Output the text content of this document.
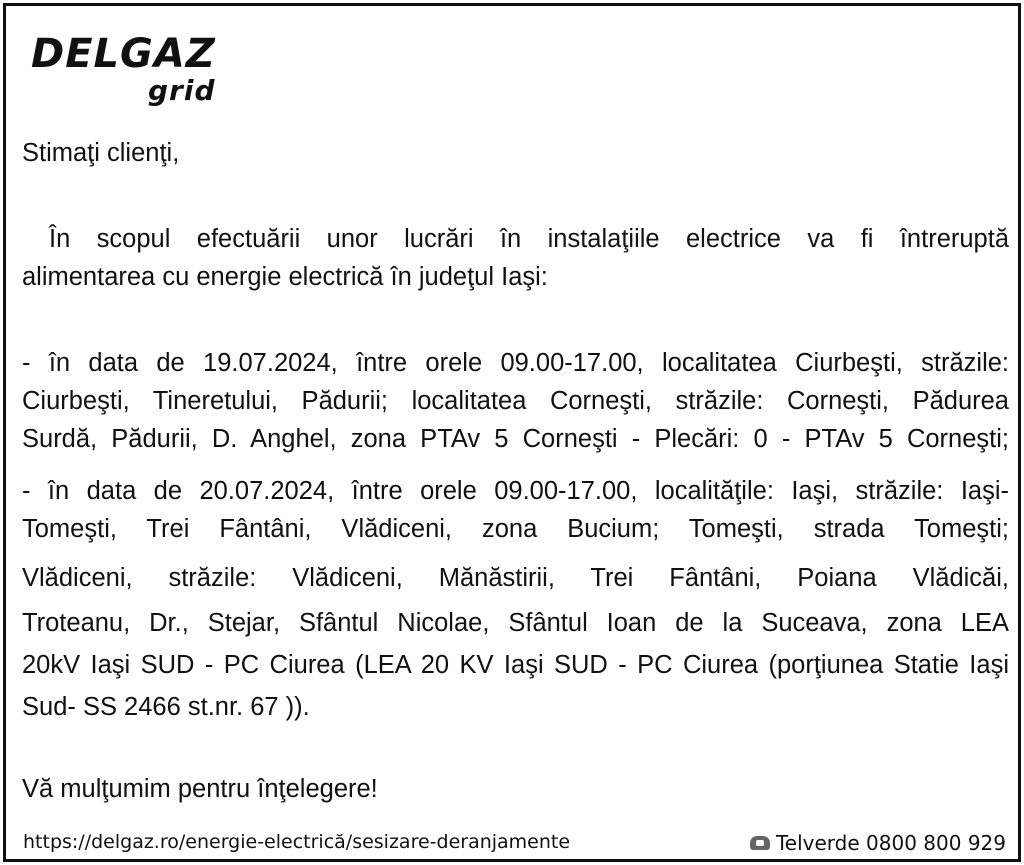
DELGAZ
grid
Stimaţi clienţi,
În scopul efectuării unor lucrări în instalaţiile electrice va fi întreruptă
alimentarea cu energie electrică în judeţul Iaşi:
- în data de 19.07.2024, între orele 09.00-17.00, localitatea Ciurbeşti, străzile:
Ciurbeşti, Tineretului, Pădurii; localitatea Corneşti, străzile: Corneşti, Pădurea
Surdă, Pădurii, D. Anghel, zona PTAv 5 Corneşti - Plecări: 0 - PTAv 5 Corneşti;
- în data de 20.07.2024, între orele 09.00-17.00, localităţile: Iaşi, străzile: Iaşi-
Tomeşti, Trei Fântâni, Vlădiceni, zona Bucium; Tomeşti, strada Tomeşti;
Vlădiceni, străzile: Vlădiceni, Mănăstirii, Trei Fântâni, Poiana Vlădicăi,
Troteanu, Dr., Stejar, Sfântul Nicolae, Sfântul Ioan de la Suceava, zona LEA
20kV Iaşi SUD - PC Ciurea (LEA 20 KV Iaşi SUD - PC Ciurea (porţiunea Statie Iaşi
Sud- SS 2466 st.nr. 67 )).
Vă mulţumim pentru înţelegere!
https://delgaz.ro/energie-electrică/sesizare-deranjamente	Telverde 0800 800 929
